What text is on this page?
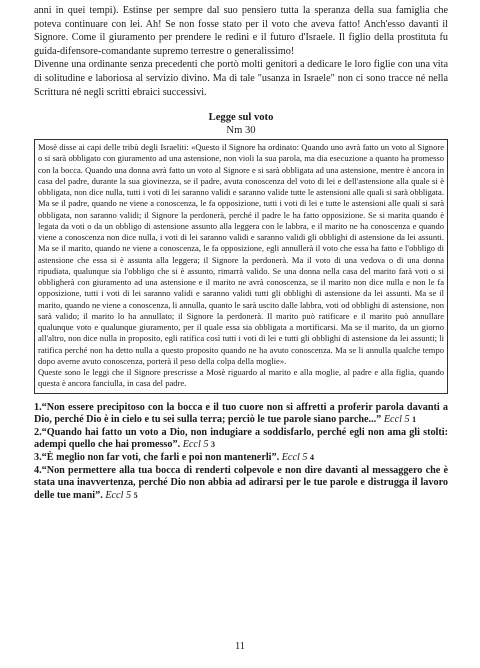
anni in quei tempi). Estinse per sempre dal suo pensiero tutta la speranza della sua famiglia che poteva continuare con lei. Ah! Se non fosse stato per il voto che aveva fatto! Anch'esso davanti il Signore. Come il giuramento per prendere le redini e il futuro d'Israele. Il figlio della prostituta fu guida-difensore-comandante supremo terrestre o generalissimo!

Divenne una ordinante senza precedenti che portò molti genitori a dedicare le loro figlie con una vita di solitudine e laboriosa al servizio divino. Ma di tale "usanza in Israele" non ci sono tracce né nella Scrittura né negli scritti ebraici successivi.

Legge sul voto
Nm 30

Mosè disse ai capi delle tribù degli Israeliti: «Questo il Signore ha ordinato: Quando uno avrà fatto un voto al Signore o si sarà obbligato con giuramento ad una astensione, non violi la sua parola, ma dia esecuzione a quanto ha promesso con la bocca. Quando una donna avrà fatto un voto al Signore e si sarà obbligata ad una astensione, mentre è ancora in casa del padre, durante la sua giovinezza, se il padre, avuta conoscenza del voto di lei e dell'astensione alla quale si è obbligata, non dice nulla, tutti i voti di lei saranno validi e saranno valide tutte le astensioni alle quali si sarà obbligata. Ma se il padre, quando ne viene a conoscenza, le fa opposizione, tutti i voti di lei e tutte le astensioni alle quali si sarà obbligata, non saranno validi; il Signore la perdonerà, perché il padre le ha fatto opposizione. Se si marita quando è legata da voti o da un obbligo di astensione assunto alla leggera con le labbra, e il marito ne ha conoscenza e quando viene a conoscenza non dice nulla, i voti di lei saranno validi e saranno validi gli obblighi di astensione da lei assunti. Ma se il marito, quando ne viene a conoscenza, le fa opposizione, egli annullerà il voto che essa ha fatto e l'obbligo di astensione che essa si è assunta alla leggera; il Signore la perdonerà. Ma il voto di una vedova o di una donna ripudiata, qualunque sia l'obbligo che si è assunto, rimarrà valido. Se una donna nella casa del marito farà voti o si obbligherà con giuramento ad una astensione e il marito ne avrà conoscenza, se il marito non dice nulla e non le fa opposizione, tutti i voti di lei saranno validi e saranno validi tutti gli obblighi di astensione da lei assunti. Ma se il marito, quando ne viene a conoscenza, li annulla, quanto le sarà uscito dalle labbra, voti od obblighi di astensione, non sarà valido; il marito lo ha annullato; il Signore la perdonerà. Il marito può ratificare e il marito può annullare qualunque voto e qualunque giuramento, per il quale essa sia obbligata a mortificarsi. Ma se il marito, da un giorno all'altro, non dice nulla in proposito, egli ratifica così tutti i voti di lei e tutti gli obblighi di astensione da lei assunti; li ratifica perché non ha detto nulla a questo proposito quando ne ha avuto conoscenza. Ma se li annulla qualche tempo dopo averne avuto conoscenza, porterà il peso della colpa della moglie».

Queste sono le leggi che il Signore prescrisse a Mosè riguardo al marito e alla moglie, al padre e alla figlia, quando questa è ancora fanciulla, in casa del padre.

1.“Non essere precipitoso con la bocca e il tuo cuore non si affretti a proferir parola davanti a Dio, perché Dio è in cielo e tu sei sulla terra; perciò le tue parole siano parche...” Eccl 5 1

2.“Quando hai fatto un voto a Dio, non indugiare a soddisfarlo, perché egli non ama gli stolti: adempi quello che hai promesso”. Eccl 5 3

3.“È meglio non far voti, che farli e poi non mantenerli”. Eccl 5 4

4.“Non permettere alla tua bocca di renderti colpevole e non dire davanti al messaggero che è stata una inavvertenza, perché Dio non abbia ad adirarsi per le tue parole e distrugga il lavoro delle tue mani”. Eccl 5 5

11
